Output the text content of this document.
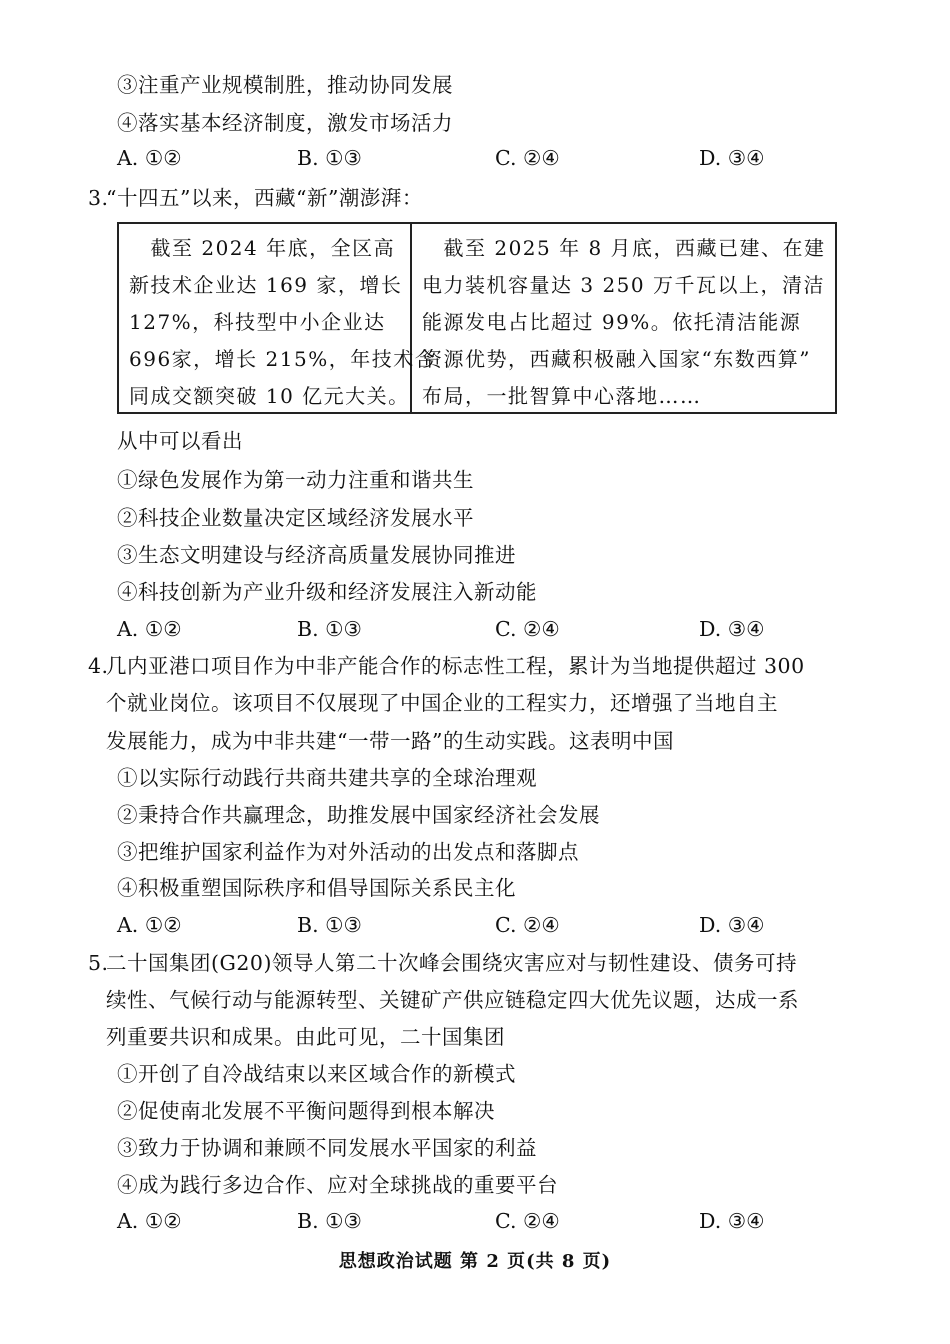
③注重产业规模制胜，推动协同发展
④落实基本经济制度，激发市场活力
A. ①②	B. ①③	C. ②④	D. ③④
3.
“十四五”以来，西藏“新”潮澎湃：

　截至 2024 年底，全区高

新技术企业达 169 家，增长

127%，科技型中小企业达

696家，增长 215%，年技术合

同成交额突破 10 亿元大关。

　截至 2025 年 8 月底，西藏已建、在建

电力装机容量达 3 250 万千瓦以上，清洁

能源发电占比超过 99%。依托清洁能源

资源优势，西藏积极融入国家“东数西算”

布局，一批智算中心落地……

从中可以看出
①绿色发展作为第一动力注重和谐共生
②科技企业数量决定区域经济发展水平
③生态文明建设与经济高质量发展协同推进
④科技创新为产业升级和经济发展注入新动能
A. ①②	B. ①③	C. ②④	D. ③④
4.
几内亚港口项目作为中非产能合作的标志性工程，累计为当地提供超过 300
个就业岗位。该项目不仅展现了中国企业的工程实力，还增强了当地自主
发展能力，成为中非共建“一带一路”的生动实践。这表明中国
①以实际行动践行共商共建共享的全球治理观
②秉持合作共赢理念，助推发展中国家经济社会发展
③把维护国家利益作为对外活动的出发点和落脚点
④积极重塑国际秩序和倡导国际关系民主化
A. ①②	B. ①③	C. ②④	D. ③④
5.
二十国集团(G20)领导人第二十次峰会围绕灾害应对与韧性建设、债务可持
续性、气候行动与能源转型、关键矿产供应链稳定四大优先议题，达成一系
列重要共识和成果。由此可见，二十国集团
①开创了自冷战结束以来区域合作的新模式
②促使南北发展不平衡问题得到根本解决
③致力于协调和兼顾不同发展水平国家的利益
④成为践行多边合作、应对全球挑战的重要平台
A. ①②	B. ①③	C. ②④	D. ③④
思想政治试题 第 2 页(共 8 页)
